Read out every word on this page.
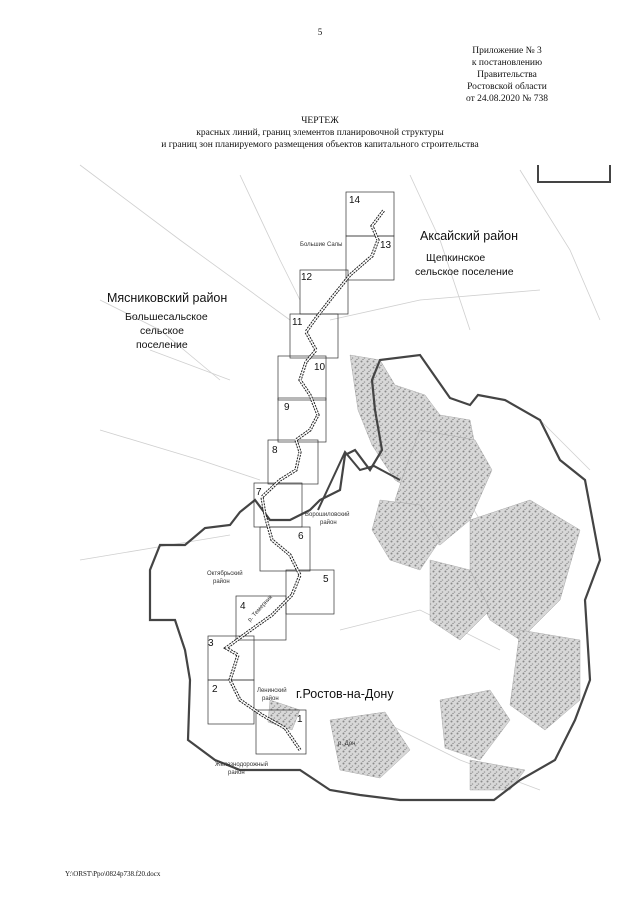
5
Приложение № 3
к постановлению
Правительства
Ростовской области
от 24.08.2020 № 738
ЧЕРТЕЖ
красных линий, границ элементов планировочной структуры
и границ зон планируемого размещения объектов капитального строительства
1
2
3
4
5
6
7
8
9
10
11
12
13
14
Аксайский район
Щепкинское
сельское поселение
Мясниковский район
Большесальское
сельское
поселение
г.Ростов-на-Дону
Ворошиловский
район
Октябрьский
район
Ленинский
район
Железнодорожный
район
Большие Салы
р. Дон
р. Темерник
Y:\ORST\Ppo\0824p738.f20.docx
